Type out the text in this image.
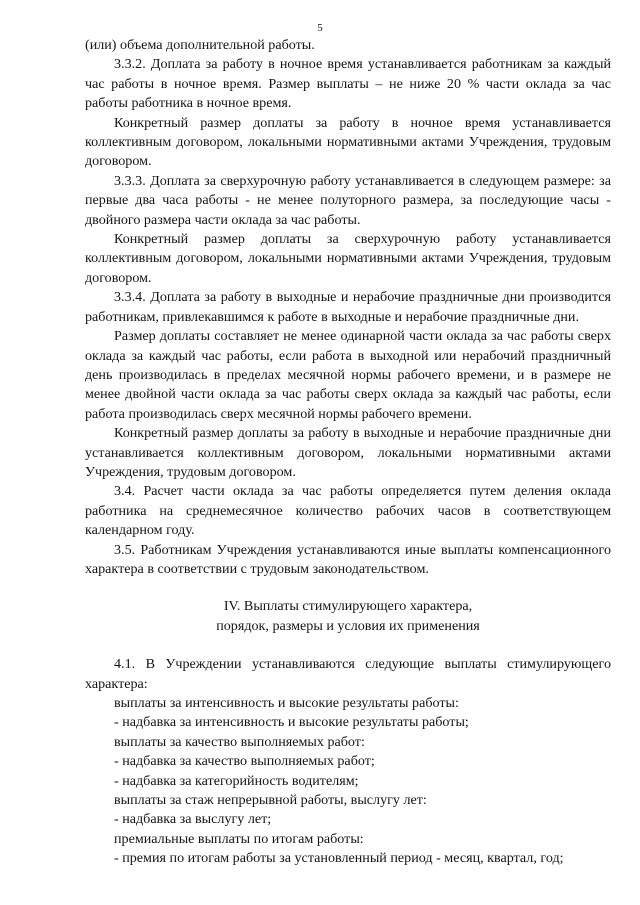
5

(или) объема дополнительной работы.

3.3.2. Доплата за работу в ночное время устанавливается работникам за каждый час работы в ночное время. Размер выплаты – не ниже 20 % части оклада за час работы работника в ночное время.

Конкретный размер доплаты за работу в ночное время устанавливается коллективным договором, локальными нормативными актами Учреждения, трудовым договором.

3.3.3. Доплата за сверхурочную работу устанавливается в следующем размере: за первые два часа работы - не менее полуторного размера, за последующие часы - двойного размера части оклада за час работы.

Конкретный размер доплаты за сверхурочную работу устанавливается коллективным договором, локальными нормативными актами Учреждения, трудовым договором.

3.3.4. Доплата за работу в выходные и нерабочие праздничные дни производится работникам, привлекавшимся к работе в выходные и нерабочие праздничные дни.

Размер доплаты составляет не менее одинарной части оклада за час работы сверх оклада за каждый час работы, если работа в выходной или нерабочий праздничный день производилась в пределах месячной нормы рабочего времени, и в размере не менее двойной части оклада за час работы сверх оклада за каждый час работы, если работа производилась сверх месячной нормы рабочего времени.

Конкретный размер доплаты за работу в выходные и нерабочие праздничные дни устанавливается коллективным договором, локальными нормативными актами Учреждения, трудовым договором.

3.4. Расчет части оклада за час работы определяется путем деления оклада работника на среднемесячное количество рабочих часов в соответствующем календарном году.

3.5. Работникам Учреждения устанавливаются иные выплаты компенсационного характера в соответствии с трудовым законодательством.

IV. Выплаты стимулирующего характера,
порядок, размеры и условия их применения

4.1. В Учреждении устанавливаются следующие выплаты стимулирующего характера:

выплаты за интенсивность и высокие результаты работы:

- надбавка за интенсивность и высокие результаты работы;

выплаты за качество выполняемых работ:

- надбавка за качество выполняемых работ;

- надбавка за категорийность водителям;

выплаты за стаж непрерывной работы, выслугу лет:

- надбавка за выслугу лет;

премиальные выплаты по итогам работы:

- премия по итогам работы за установленный период - месяц, квартал, год;
